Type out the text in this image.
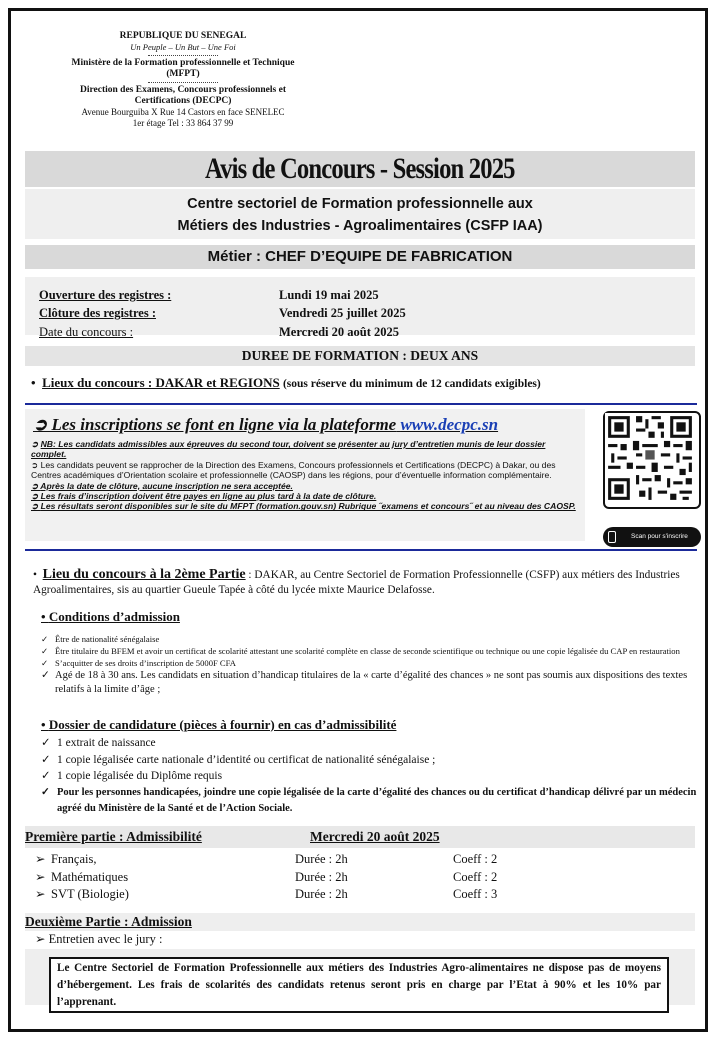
REPUBLIQUE DU SENEGAL
Un Peuple – Un But – Une Foi
Ministère de la Formation professionnelle et Technique (MFPT)
Direction des Examens, Concours professionnels et Certifications (DECPC)
Avenue Bourguiba X Rue 14 Castors en face SENELEC
1er étage Tel : 33 864 37 99
Avis de Concours - Session 2025
Centre sectoriel de Formation professionnelle aux
Métiers des Industries - Agroalimentaires (CSFP IAA)
Métier : CHEF D’EQUIPE DE FABRICATION
Ouverture des registres :	Lundi 19 mai 2025
Clôture des registres :	Vendredi 25 juillet 2025
Date du concours :	Mercredi 20 août 2025
DUREE DE FORMATION : DEUX ANS
•  Lieux du concours : DAKAR et REGIONS (sous réserve du minimum de 12 candidats exigibles)
➲ Les inscriptions se font en ligne via la plateforme www.decpc.sn

➲ NB: Les candidats admissibles aux épreuves du second tour, doivent se présenter au jury d’entretien munis de leur dossier complet.

➲ Les candidats peuvent se rapprocher de la Direction des Examens, Concours professionnels et Certifications (DECPC) à Dakar, ou des Centres académiques d’Orientation scolaire et professionnelle (CAOSP) dans les régions, pour d’éventuelle information complémentaire.

➲ Après la date de clôture, aucune inscription ne sera acceptée.

➲ Les frais d’inscription doivent être payes en ligne au plus tard à la date de clôture.

➲ Les résultats seront disponibles sur le site du MFPT (formation.gouv.sn) Rubrique ˝examens et concours˝ et au niveau des CAOSP.

Scan pour s'inscrire
•  Lieu du concours à la 2ème Partie : DAKAR, au Centre Sectoriel de Formation Professionnelle (CSFP) aux métiers des Industries Agroalimentaires, sis au quartier Gueule Tapée à côté du lycée mixte Maurice Delafosse.
• Conditions d’admission
✓ Être de nationalité sénégalaise
✓ Être titulaire du BFEM et avoir un certificat de scolarité attestant une scolarité complète en classe de seconde scientifique ou technique ou une copie légalisée du CAP en restauration
✓ S’acquitter de ses droits d’inscription de 5000F CFA
✓ Agé de 18 à 30 ans. Les candidats en situation d’handicap titulaires de la « carte d’égalité des chances » ne sont pas soumis aux dispositions des textes relatifs à la limite d’âge ;
• Dossier de candidature (pièces à fournir) en cas d’admissibilité
✓ 1 extrait de naissance
✓ 1 copie légalisée carte nationale d’identité ou certificat de nationalité sénégalaise ;
✓ 1 copie légalisée du Diplôme requis
✓ Pour les personnes handicapées, joindre une copie légalisée de la carte d’égalité des chances ou du certificat d’handicap délivré par un médecin agréé du Ministère de la Santé et de l’Action Sociale.
Première partie : Admissibilité	Mercredi 20 août 2025
➢ Français,	Durée : 2h	Coeff : 2
➢ Mathématiques	Durée : 2h	Coeff : 2
➢ SVT (Biologie)	Durée : 2h	Coeff : 3
Deuxième Partie : Admission
➢ Entretien avec le jury :
Le Centre Sectoriel de Formation Professionnelle aux métiers des Industries Agro-alimentaires ne dispose pas de moyens d’hébergement. Les frais de scolarités des candidats retenus seront pris en charge par l’Etat à 90% et les 10% par l’apprenant.
